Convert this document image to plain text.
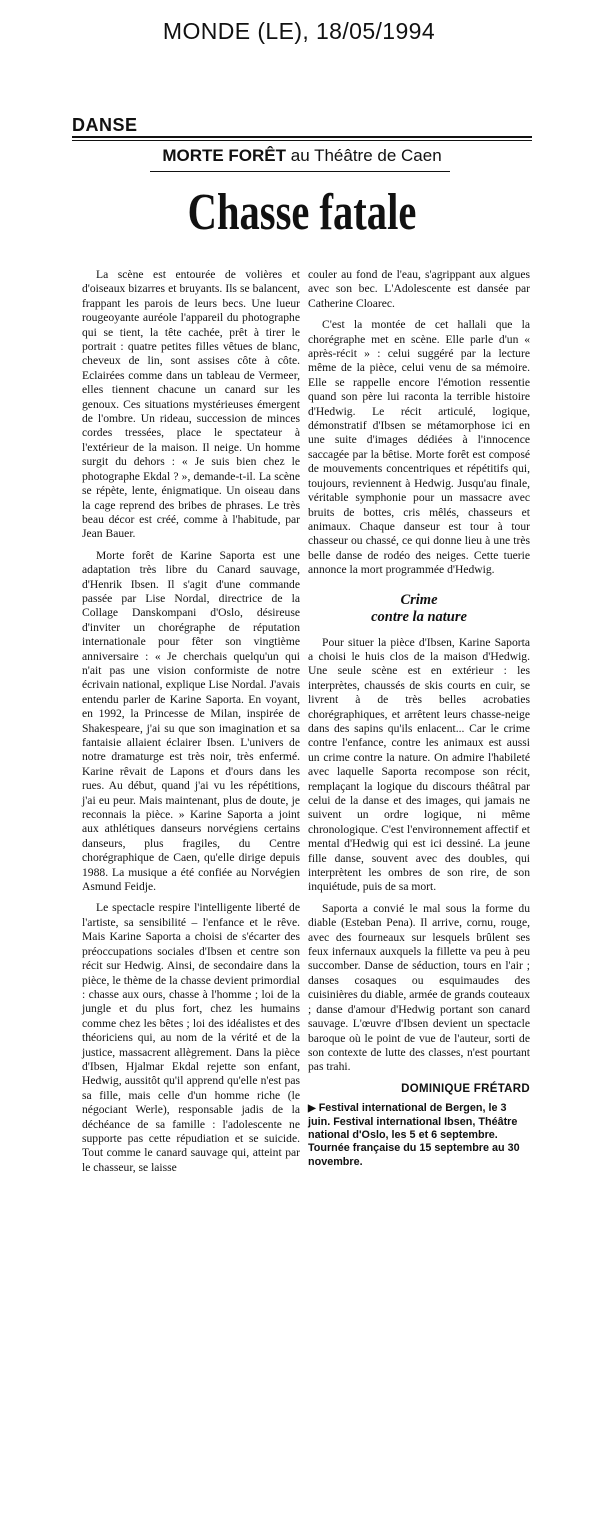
MONDE (LE), 18/05/1994
DANSE
MORTE FORÊT au Théâtre de Caen
Chasse fatale

La scène est entourée de volières et d'oiseaux bizarres et bruyants. Ils se balancent, frappant les parois de leurs becs. Une lueur rougeoyante auréole l'appareil du photographe qui se tient, la tête cachée, prêt à tirer le portrait : quatre petites filles vêtues de blanc, cheveux de lin, sont assises côte à côte. Eclairées comme dans un tableau de Vermeer, elles tiennent chacune un canard sur les genoux. Ces situations mystérieuses émergent de l'ombre. Un rideau, succession de minces cordes tressées, place le spectateur à l'extérieur de la maison. Il neige. Un homme surgit du dehors : « Je suis bien chez le photographe Ekdal ? », demande-t-il. La scène se répète, lente, énigmatique. Un oiseau dans la cage reprend des bribes de phrases. Le très beau décor est créé, comme à l'habitude, par Jean Bauer.

Morte forêt de Karine Saporta est une adaptation très libre du Canard sauvage, d'Henrik Ibsen. Il s'agit d'une commande passée par Lise Nordal, directrice de la Collage Danskompani d'Oslo, désireuse d'inviter un chorégraphe de réputation internationale pour fêter son vingtième anniversaire : « Je cherchais quelqu'un qui n'ait pas une vision conformiste de notre écrivain national, explique Lise Nordal. J'avais entendu parler de Karine Saporta. En voyant, en 1992, la Princesse de Milan, inspirée de Shakespeare, j'ai su que son imagination et sa fantaisie allaient éclairer Ibsen. L'univers de notre dramaturge est très noir, très enfermé. Karine rêvait de Lapons et d'ours dans les rues. Au début, quand j'ai vu les répétitions, j'ai eu peur. Mais maintenant, plus de doute, je reconnais la pièce. » Karine Saporta a joint aux athlétiques danseurs norvégiens certains danseurs, plus fragiles, du Centre chorégraphique de Caen, qu'elle dirige depuis 1988. La musique a été confiée au Norvégien Asmund Feidje.

Le spectacle respire l'intelligente liberté de l'artiste, sa sensibilité – l'enfance et le rêve. Mais Karine Saporta a choisi de s'écarter des préoccupations sociales d'Ibsen et centre son récit sur Hedwig. Ainsi, de secondaire dans la pièce, le thème de la chasse devient primordial : chasse aux ours, chasse à l'homme ; loi de la jungle et du plus fort, chez les humains comme chez les bêtes ; loi des idéalistes et des théoriciens qui, au nom de la vérité et de la justice, massacrent allègrement. Dans la pièce d'Ibsen, Hjalmar Ekdal rejette son enfant, Hedwig, aussitôt qu'il apprend qu'elle n'est pas sa fille, mais celle d'un homme riche (le négociant Werle), responsable jadis de la déchéance de sa famille : l'adolescente ne supporte pas cette répudiation et se suicide. Tout comme le canard sauvage qui, atteint par le chasseur, se laisse

couler au fond de l'eau, s'agrippant aux algues avec son bec. L'Adolescente est dansée par Catherine Cloarec.

C'est la montée de cet hallali que la chorégraphe met en scène. Elle parle d'un « après-récit » : celui suggéré par la lecture même de la pièce, celui venu de sa mémoire. Elle se rappelle encore l'émotion ressentie quand son père lui raconta la terrible histoire d'Hedwig. Le récit articulé, logique, démonstratif d'Ibsen se métamorphose ici en une suite d'images dédiées à l'innocence saccagée par la bêtise. Morte forêt est composé de mouvements concentriques et répétitifs qui, toujours, reviennent à Hedwig. Jusqu'au finale, véritable symphonie pour un massacre avec bruits de bottes, cris mêlés, chasseurs et animaux. Chaque danseur est tour à tour chasseur ou chassé, ce qui donne lieu à une très belle danse de rodéo des neiges. Cette tuerie annonce la mort programmée d'Hedwig.

Crime
contre la nature

Pour situer la pièce d'Ibsen, Karine Saporta a choisi le huis clos de la maison d'Hedwig. Une seule scène est en extérieur : les interprètes, chaussés de skis courts en cuir, se livrent à de très belles acrobaties chorégraphiques, et arrêtent leurs chasse-neige dans des sapins qu'ils enlacent... Car le crime contre l'enfance, contre les animaux est aussi un crime contre la nature. On admire l'habileté avec laquelle Saporta recompose son récit, remplaçant la logique du discours théâtral par celui de la danse et des images, qui jamais ne suivent un ordre logique, ni même chronologique. C'est l'environnement affectif et mental d'Hedwig qui est ici dessiné. La jeune fille danse, souvent avec des doubles, qui interprètent les ombres de son rire, de son inquiétude, puis de sa mort.

Saporta a convié le mal sous la forme du diable (Esteban Pena). Il arrive, cornu, rouge, avec des fourneaux sur lesquels brûlent ses feux infernaux auxquels la fillette va peu à peu succomber. Danse de séduction, tours en l'air ; danses cosaques ou esquimaudes des cuisinières du diable, armée de grands couteaux ; danse d'amour d'Hedwig portant son canard sauvage. L'œuvre d'Ibsen devient un spectacle baroque où le point de vue de l'auteur, sorti de son contexte de lutte des classes, n'est pourtant pas trahi.

DOMINIQUE FRÉTARD
▶ Festival international de Bergen, le 3 juin. Festival international Ibsen, Théâtre national d'Oslo, les 5 et 6 septembre. Tournée française du 15 septembre au 30 novembre.
